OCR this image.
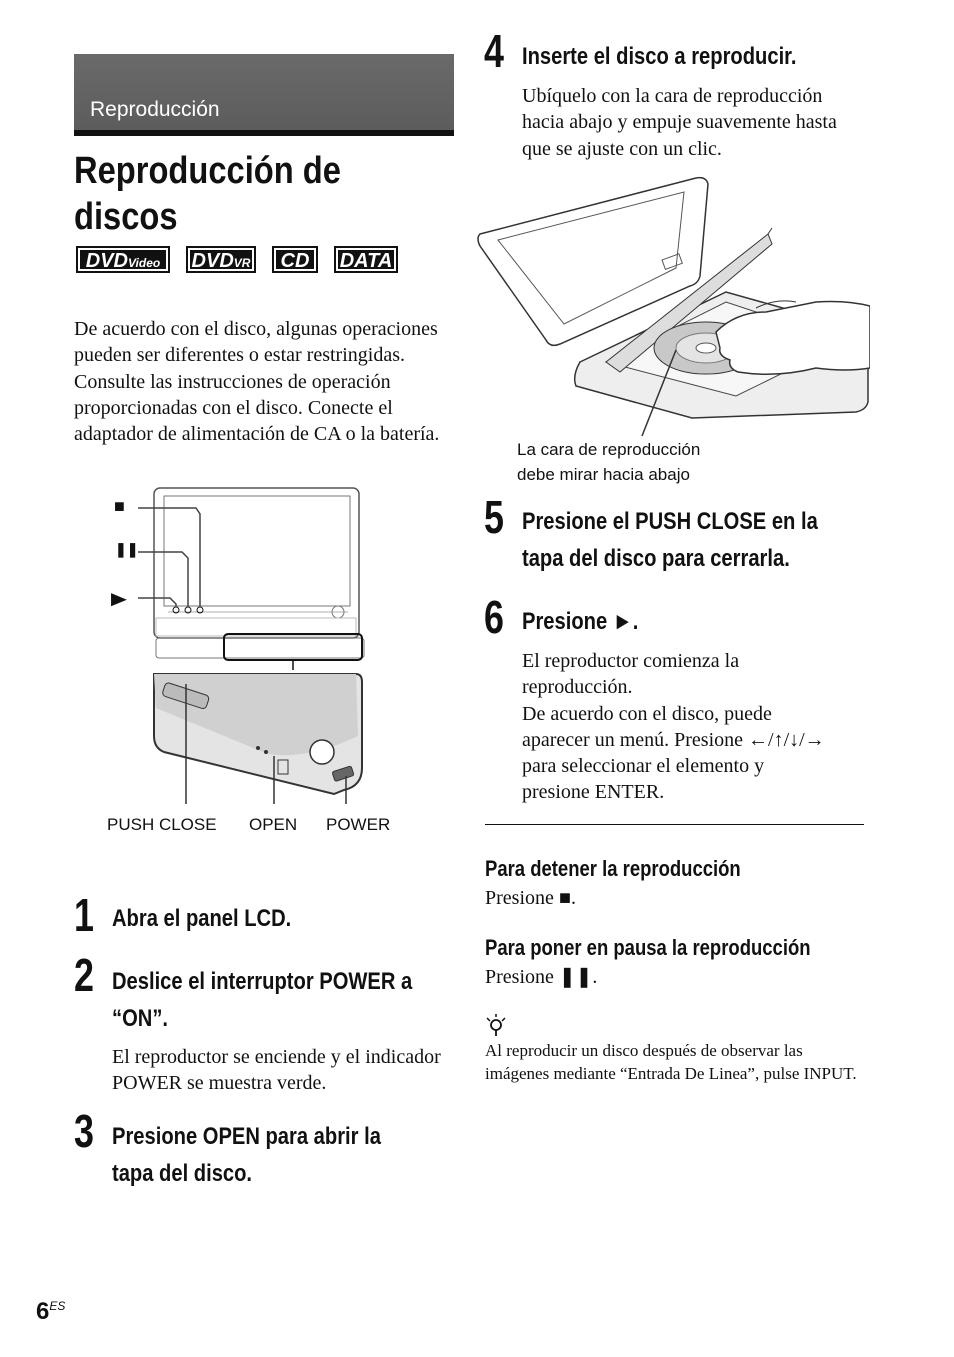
Reproducción
Reproducción de discos
DVDVideo	DVDVR	CD	DATA
De acuerdo con el disco, algunas operaciones pueden ser diferentes o estar restringidas. Consulte las instrucciones de operación proporcionadas con el disco. Conecte el adaptador de alimentación de CA o la batería.
■
❚❚
►
PUSH CLOSE OPEN POWER
1 Abra el panel LCD.
2 Deslice el interruptor POWER a
“ON”.
El reproductor se enciende y el indicador POWER se muestra verde.
3 Presione OPEN para abrir la
tapa del disco.
4 Inserte el disco a reproducir.
Ubíquelo con la cara de reproducción hacia abajo y empuje suavemente hasta que se ajuste con un clic.
La cara de reproducción
debe mirar hacia abajo
5 Presione el PUSH CLOSE en la
tapa del disco para cerrarla.
6 Presione ►.
El reproductor comienza la
reproducción.
De acuerdo con el disco, puede
aparecer un menú. Presione ←/↑/↓/→
para seleccionar el elemento y
presione ENTER.
Para detener la reproducción
Presione ■.
Para poner en pausa la reproducción
Presione ❚❚.
Al reproducir un disco después de observar las imágenes mediante “Entrada De Linea”, pulse INPUT.
$6^{ES}$
